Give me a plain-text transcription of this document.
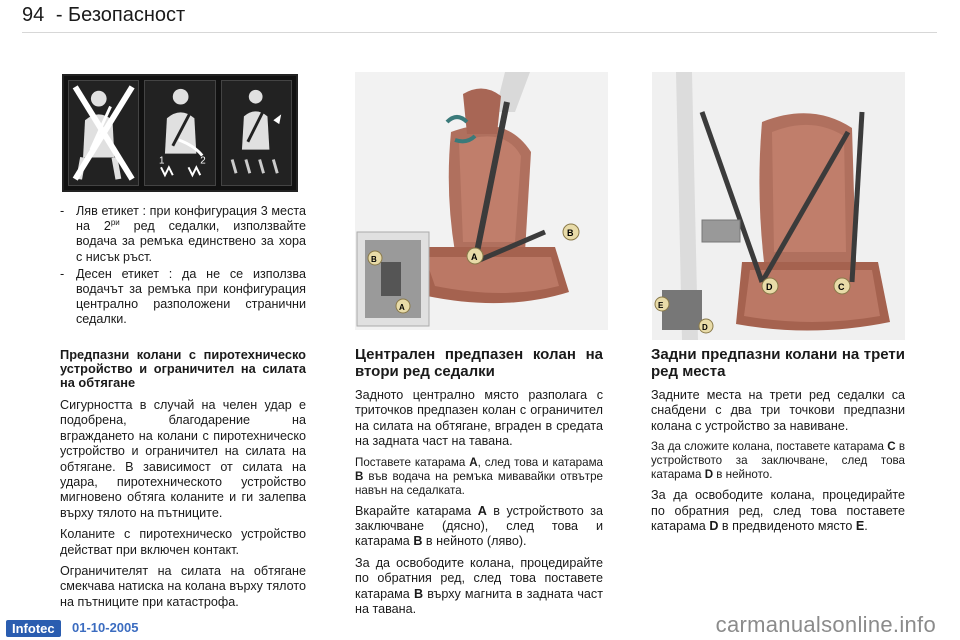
94 - Безопасност
1	2
- Ляв етикет : при конфигурация 3 места на $2^{ри}$ ред седалки, използвайте водача за ремъка единствено за хора с нисък ръст.
- Десен етикет : да не се използва водачът за ремъка при конфигурация централно разположени странични седалки.
A
B
B
A
D	C
E
D
Предпазни колани с пиротехническо устройство и ограничител на силата на обтягане

Сигурността в случай на челен удар е подобрена, благодарение на вграждането на колани с пиротехническо устройство и ограничител на силата на обтягане. В зависимост от силата на удара, пиротехническото устройство мигновено обтяга коланите и ги залепва върху тялото на пътниците.

Коланите с пиротехническо устройство действат при включен контакт.

Ограничителят на силата на обтягане смекчава натиска на колана върху тялото на пътниците при катастрофа.

Централен предпазен колан на втори ред седалки

Задното централно място разполага с триточков предпазен колан с ограничител на силата на обтягане, вграден в средата на задната част на тавана.

Поставете катарама A, след това и катарама B във водача на ремъка мивавайки отвътре навън на седалката.

Вкарайте катарама A в устройството за заключване (дясно), след това и катарама B в нейното (ляво).

За да освободите колана, процедирайте по обратния ред, след това поставете катарама B върху магнита в задната част на тавана.

Задни предпазни колани на трети ред места

Задните места на трети ред седалки са снабдени с два три точкови предпазни колана с устройство за навиване.

За да сложите колана, поставете катарама C в устройството за заключване, след това катарама D в нейното.

За да освободите колана, процедирайте по обратния ред, след това поставете катарама D в предвиденото място E.

Infotec	01-10-2005	carmanualsonline.info
